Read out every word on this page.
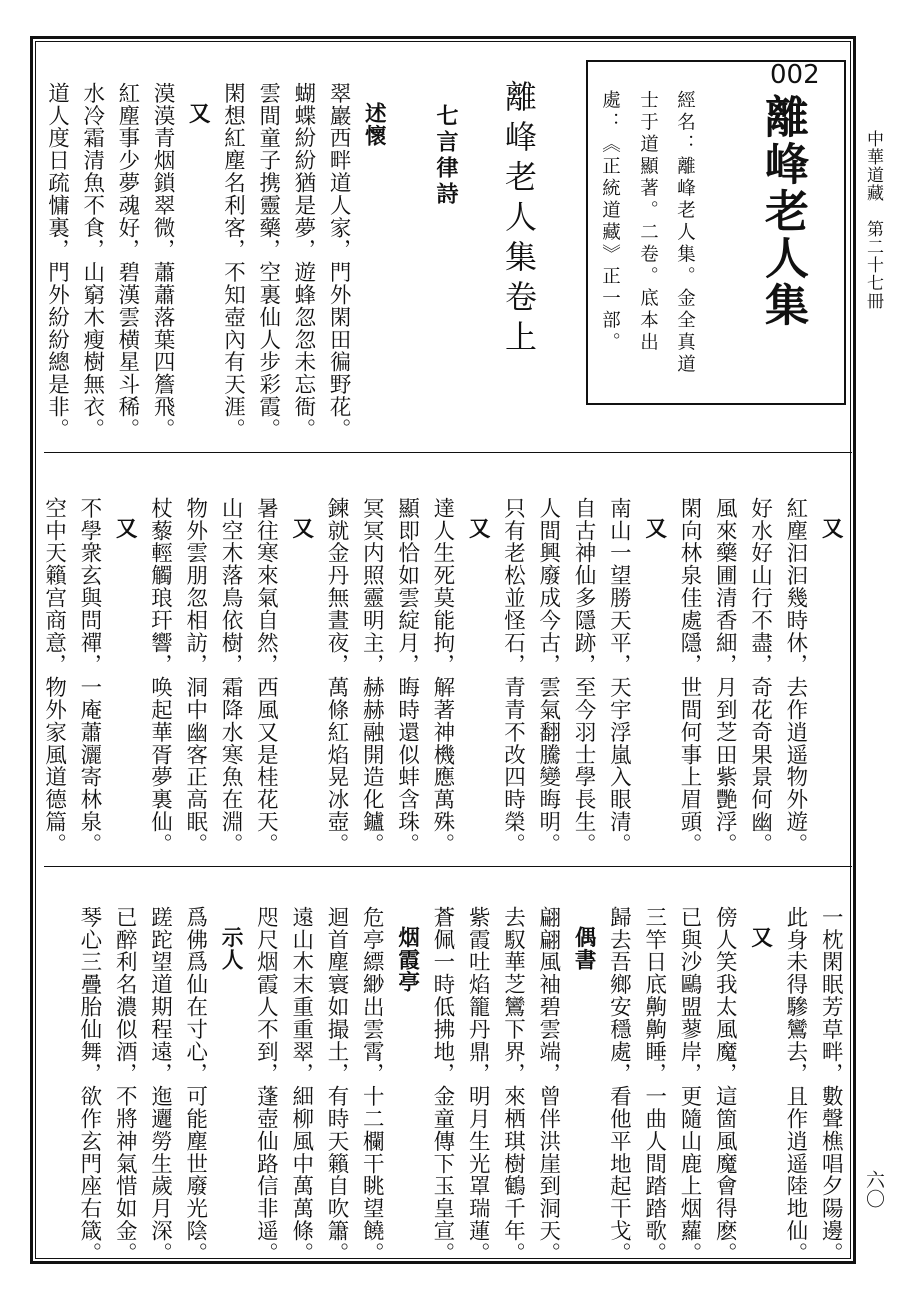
中華道藏　第二十七冊
六〇
002
離峰老人集
經名：離峰老人集。金全真道
士于道顯著。二卷。底本出
處：《正統道藏》正一部。
離峰老人集卷上
七言律詩
述懷
翠巖西畔道人家，門外閑田徧野花。
蝴蝶紛紛猶是夢，遊蜂忽忽未忘衙。
雲間童子携靈藥，空裏仙人步彩霞。
閑想紅塵名利客，不知壺內有天涯。
又
漠漠青烟鎖翠微，蕭蕭落葉四簷飛。
紅塵事少夢魂好，碧漢雲横星斗稀。
水冷霜清魚不食，山窮木瘦樹無衣。
道人度日疏慵裏，門外紛紛總是非。
又
紅塵汩汩幾時休，去作逍遥物外遊。
好水好山行不盡，奇花奇果景何幽。
風來藥圃清香細，月到芝田紫艷浮。
閑向林泉佳處隱，世間何事上眉頭。
又
南山一望勝天平，天宇浮嵐入眼清。
自古神仙多隱跡，至今羽士學長生。
人間興廢成今古，雲氣翻騰變晦明。
只有老松並怪石，青青不改四時榮。
又
達人生死莫能拘，解著神機應萬殊。
顯即恰如雲綻月，晦時還似蚌含珠。
冥冥内照靈明主，赫赫融開造化鑪。
鍊就金丹無晝夜，萬條紅焰晃冰壺。
又
暑往寒來氣自然，西風又是桂花天。
山空木落鳥依樹，霜降水寒魚在淵。
物外雲朋忽相訪，洞中幽客正高眠。
杖藜輕觸琅玕響，唤起華胥夢裏仙。
又
不學衆玄與問禪，一庵蕭灑寄林泉。
空中天籟宫商意，物外家風道德篇。
一枕閑眠芳草畔，數聲樵唱夕陽邊。
此身未得驂鸞去，且作逍遥陸地仙。
又
傍人笑我太風魔，這箇風魔會得麽。
已與沙鷗盟蓼岸，更隨山鹿上烟蘿。
三竿日底齁齁睡，一曲人間踏踏歌。
歸去吾鄉安穩處，看他平地起干戈。
偶書
翩翩風袖碧雲端，曾伴洪崖到洞天。
去馭華芝鸞下界，來栖琪樹鶴千年。
紫霞吐焰籠丹鼎，明月生光罩瑞蓮。
蒼佩一時低拂地，金童傳下玉皇宣。
烟霞亭
危亭縹緲出雲霄，十二欄干眺望饒。
迴首塵寰如撮土，有時天籟自吹簫。
遠山木末重重翠，細柳風中萬萬條。
咫尺烟霞人不到，蓬壺仙路信非遥。
示人
爲佛爲仙在寸心，可能塵世廢光陰。
蹉跎望道期程遠，迤邐勞生歲月深。
已醉利名濃似酒，不將神氣惜如金。
琴心三疊胎仙舞，欲作玄門座右箴。
